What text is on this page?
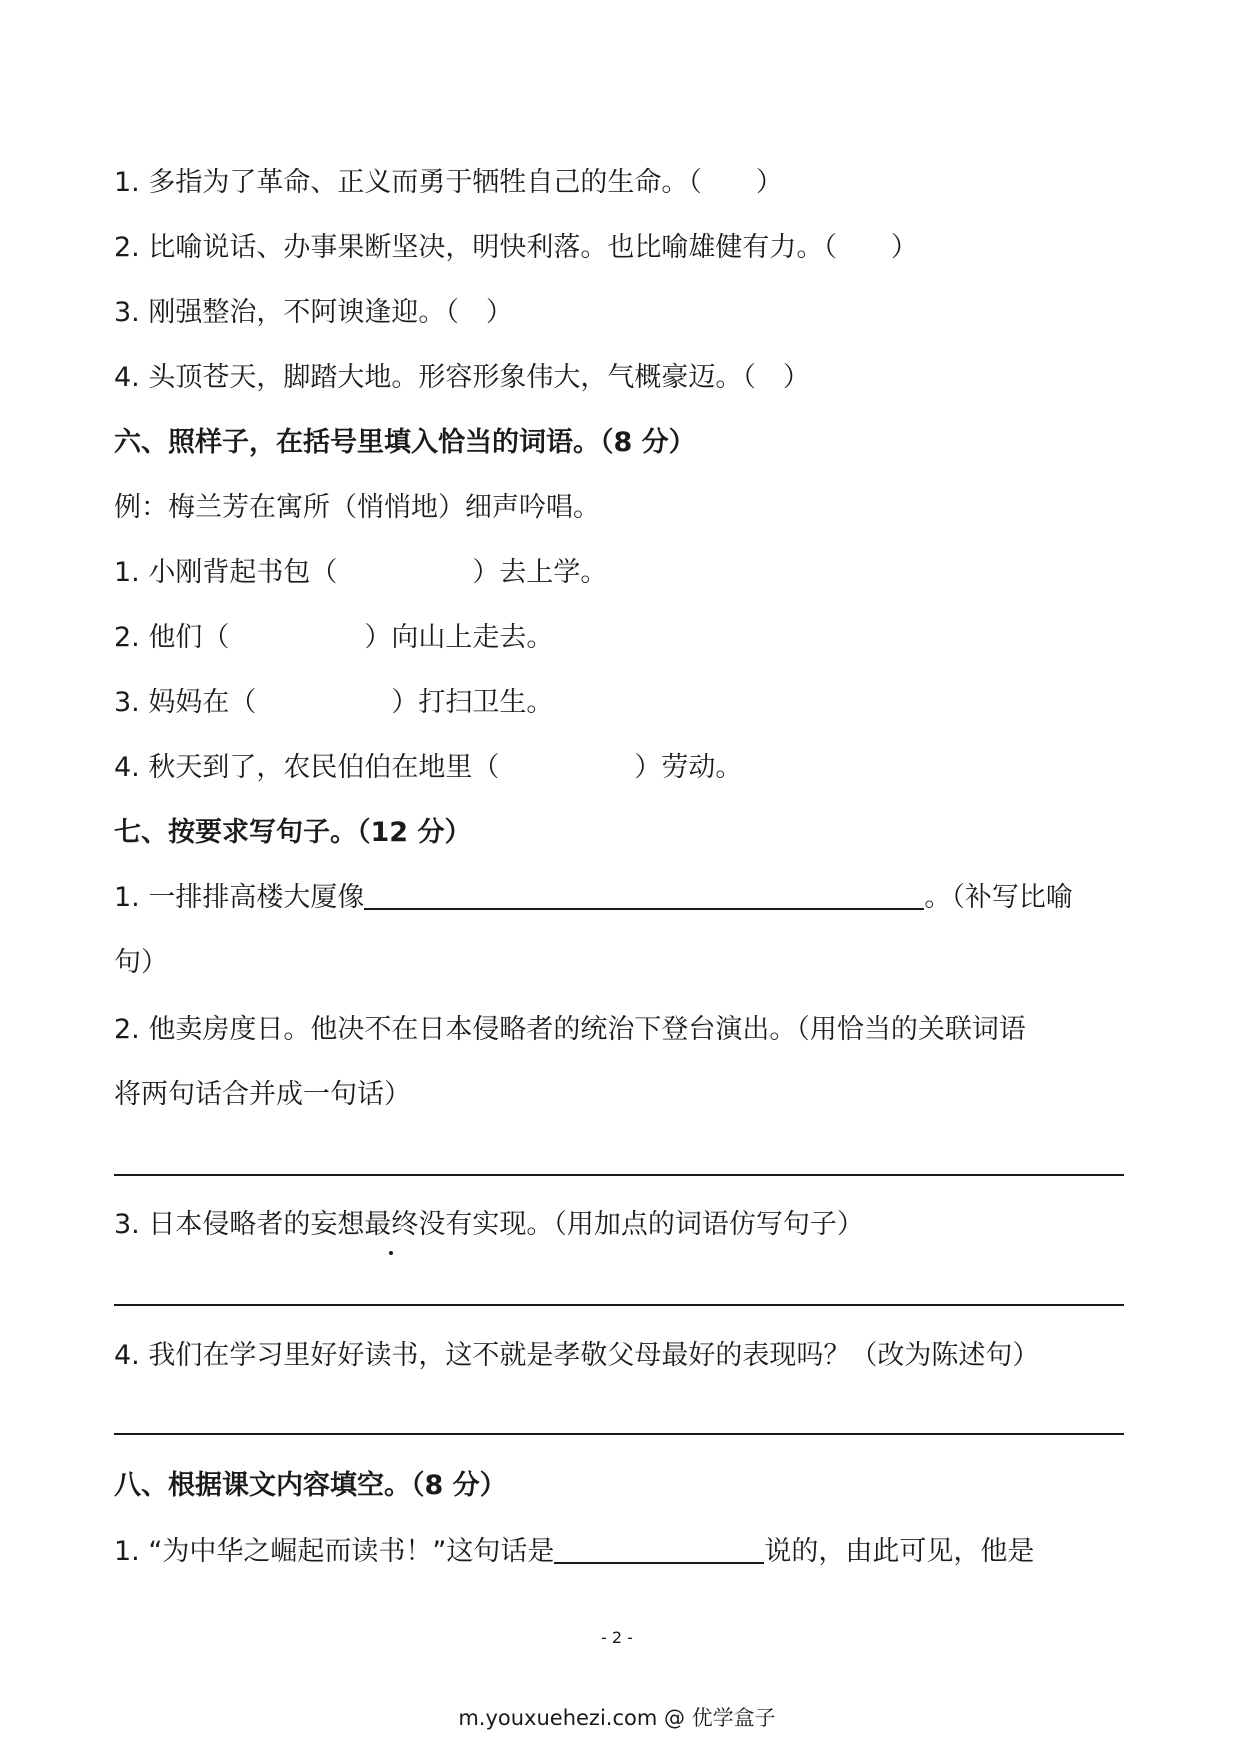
1. 多指为了革命、正义而勇于牺牲自己的生命。（　　）
2. 比喻说话、办事果断坚决，明快利落。也比喻雄健有力。（　　）
3. 刚强整治，不阿谀逢迎。（　）
4. 头顶苍天，脚踏大地。形容形象伟大，气概豪迈。（　）
六、照样子，在括号里填入恰当的词语。（8 分）
例：梅兰芳在寓所（悄悄地）细声吟唱。
1. 小刚背起书包（　　　　　）去上学。
2. 他们（　　　　　）向山上走去。
3. 妈妈在（　　　　　）打扫卫生。
4. 秋天到了，农民伯伯在地里（　　　　　）劳动。
七、按要求写句子。（12 分）
1. 一排排高楼大厦像	。（补写比喻
句）
2. 他卖房度日。他决不在日本侵略者的统治下登台演出。（用恰当的关联词语
将两句话合并成一句话）
3. 日本侵略者的妄想最终没有实现。（用加点的词语仿写句子）
4. 我们在学习里好好读书，这不就是孝敬父母最好的表现吗？（改为陈述句）
八、根据课文内容填空。（8 分）
1. “为中华之崛起而读书！”这句话是	说的，由此可见，他是
- 2 -
m.youxuehezi.com @ 优学盒子
